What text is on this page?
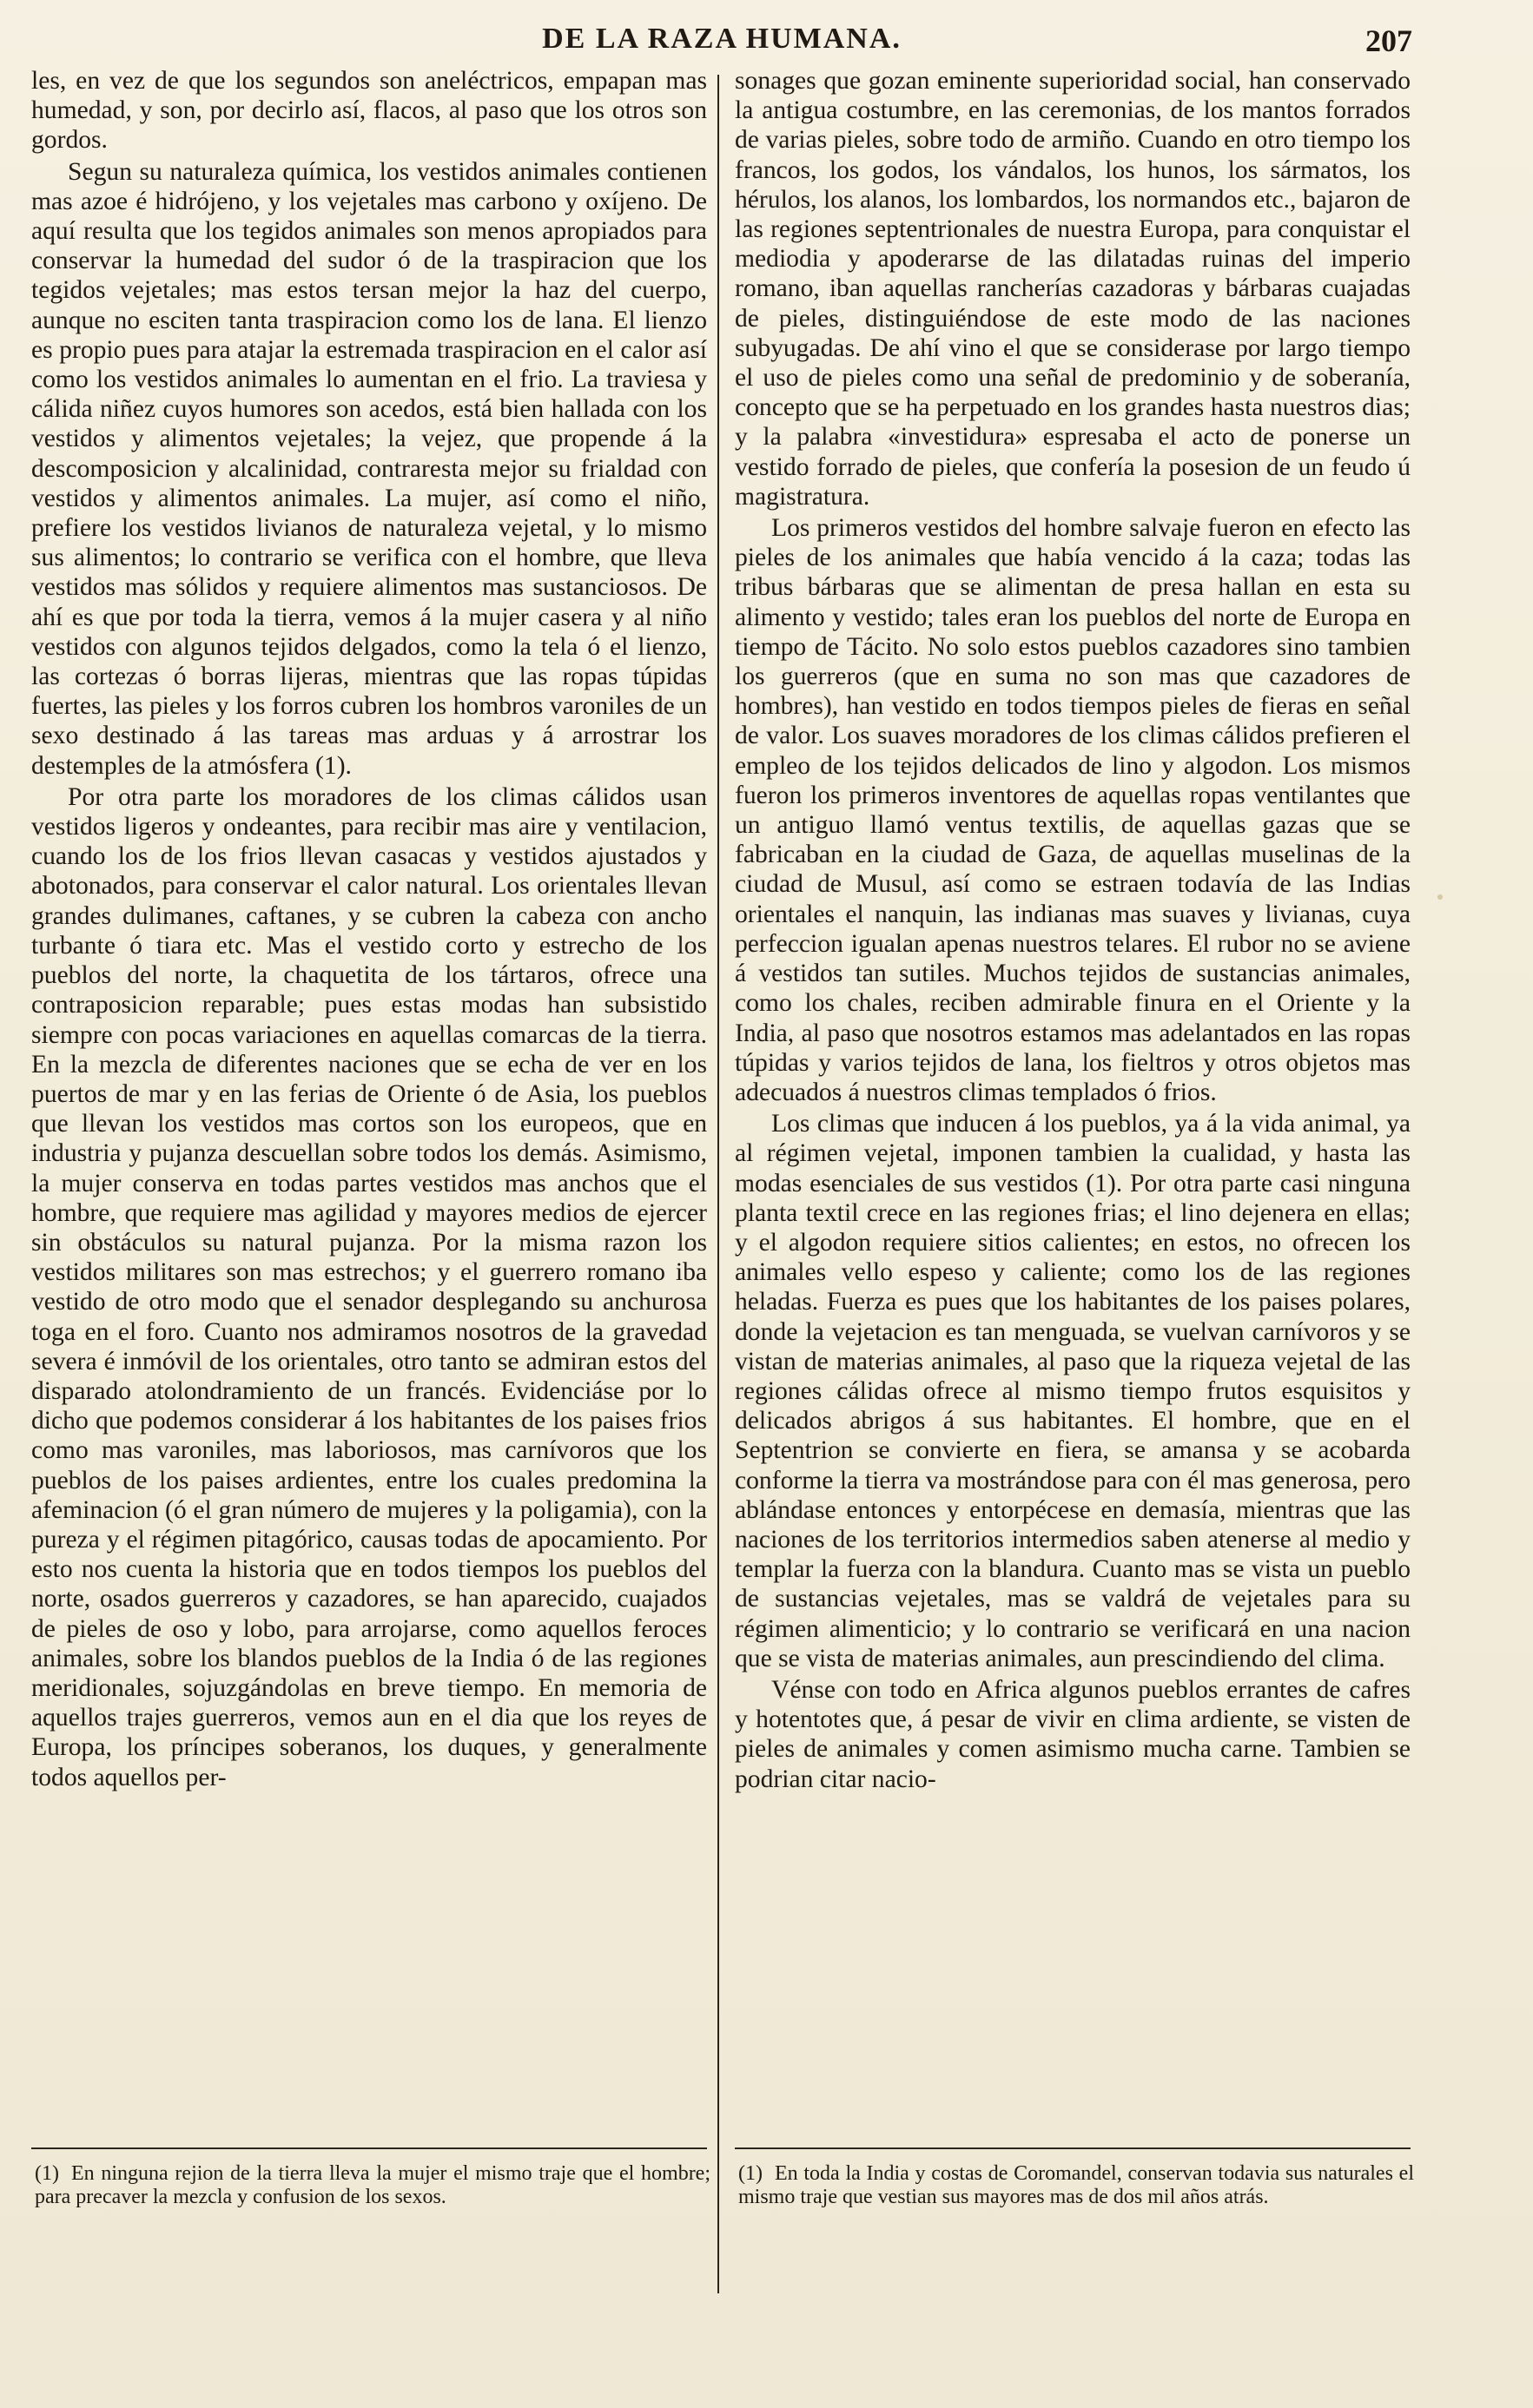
DE LA RAZA HUMANA.	207

les, en vez de que los segundos son aneléctricos, empapan mas humedad, y son, por decirlo así, flacos, al paso que los otros son gordos.

Segun su naturaleza química, los vestidos animales contienen mas azoe é hidrójeno, y los vejetales mas carbono y oxíjeno. De aquí resulta que los tegidos animales son menos apropiados para conservar la humedad del sudor ó de la traspiracion que los tegidos vejetales; mas estos tersan mejor la haz del cuerpo, aunque no esciten tanta traspiracion como los de lana. El lienzo es propio pues para atajar la estremada traspiracion en el calor así como los vestidos animales lo aumentan en el frio. La traviesa y cálida niñez cuyos humores son acedos, está bien hallada con los vestidos y alimentos vejetales; la vejez, que propende á la descomposicion y alcalinidad, contraresta mejor su frialdad con vestidos y alimentos animales. La mujer, así como el niño, prefiere los vestidos livianos de naturaleza vejetal, y lo mismo sus alimentos; lo contrario se verifica con el hombre, que lleva vestidos mas sólidos y requiere alimentos mas sustanciosos. De ahí es que por toda la tierra, vemos á la mujer casera y al niño vestidos con algunos tejidos delgados, como la tela ó el lienzo, las cortezas ó borras lijeras, mientras que las ropas túpidas fuertes, las pieles y los forros cubren los hombros varoniles de un sexo destinado á las tareas mas arduas y á arrostrar los destemples de la atmósfera (1).

Por otra parte los moradores de los climas cálidos usan vestidos ligeros y ondeantes, para recibir mas aire y ventilacion, cuando los de los frios llevan casacas y vestidos ajustados y abotonados, para conservar el calor natural. Los orientales llevan grandes dulimanes, caftanes, y se cubren la cabeza con ancho turbante ó tiara etc. Mas el vestido corto y estrecho de los pueblos del norte, la chaquetita de los tártaros, ofrece una contraposicion reparable; pues estas modas han subsistido siempre con pocas variaciones en aquellas comarcas de la tierra. En la mezcla de diferentes naciones que se echa de ver en los puertos de mar y en las ferias de Oriente ó de Asia, los pueblos que llevan los vestidos mas cortos son los europeos, que en industria y pujanza descuellan sobre todos los demás. Asimismo, la mujer conserva en todas partes vestidos mas anchos que el hombre, que requiere mas agilidad y mayores medios de ejercer sin obstáculos su natural pujanza. Por la misma razon los vestidos militares son mas estrechos; y el guerrero romano iba vestido de otro modo que el senador desplegando su anchurosa toga en el foro. Cuanto nos admiramos nosotros de la gravedad severa é inmóvil de los orientales, otro tanto se admiran estos del disparado atolondramiento de un francés. Evidenciáse por lo dicho que podemos considerar á los habitantes de los paises frios como mas varoniles, mas laboriosos, mas carnívoros que los pueblos de los paises ardientes, entre los cuales predomina la afeminacion (ó el gran número de mujeres y la poligamia), con la pureza y el régimen pitagórico, causas todas de apocamiento. Por esto nos cuenta la historia que en todos tiempos los pueblos del norte, osados guerreros y cazadores, se han aparecido, cuajados de pieles de oso y lobo, para arrojarse, como aquellos feroces animales, sobre los blandos pueblos de la India ó de las regiones meridionales, sojuzgándolas en breve tiempo. En memoria de aquellos trajes guerreros, vemos aun en el dia que los reyes de Europa, los príncipes soberanos, los duques, y generalmente todos aquellos per-

sonages que gozan eminente superioridad social, han conservado la antigua costumbre, en las ceremonias, de los mantos forrados de varias pieles, sobre todo de armiño. Cuando en otro tiempo los francos, los godos, los vándalos, los hunos, los sármatos, los hérulos, los alanos, los lombardos, los normandos etc., bajaron de las regiones septentrionales de nuestra Europa, para conquistar el mediodia y apoderarse de las dilatadas ruinas del imperio romano, iban aquellas rancherías cazadoras y bárbaras cuajadas de pieles, distinguiéndose de este modo de las naciones subyugadas. De ahí vino el que se considerase por largo tiempo el uso de pieles como una señal de predominio y de soberanía, concepto que se ha perpetuado en los grandes hasta nuestros dias; y la palabra «investidura» espresaba el acto de ponerse un vestido forrado de pieles, que confería la posesion de un feudo ú magistratura.

Los primeros vestidos del hombre salvaje fueron en efecto las pieles de los animales que había vencido á la caza; todas las tribus bárbaras que se alimentan de presa hallan en esta su alimento y vestido; tales eran los pueblos del norte de Europa en tiempo de Tácito. No solo estos pueblos cazadores sino tambien los guerreros (que en suma no son mas que cazadores de hombres), han vestido en todos tiempos pieles de fieras en señal de valor. Los suaves moradores de los climas cálidos prefieren el empleo de los tejidos delicados de lino y algodon. Los mismos fueron los primeros inventores de aquellas ropas ventilantes que un antiguo llamó ventus textilis, de aquellas gazas que se fabricaban en la ciudad de Gaza, de aquellas muselinas de la ciudad de Musul, así como se estraen todavía de las Indias orientales el nanquin, las indianas mas suaves y livianas, cuya perfeccion igualan apenas nuestros telares. El rubor no se aviene á vestidos tan sutiles. Muchos tejidos de sustancias animales, como los chales, reciben admirable finura en el Oriente y la India, al paso que nosotros estamos mas adelantados en las ropas túpidas y varios tejidos de lana, los fieltros y otros objetos mas adecuados á nuestros climas templados ó frios.

Los climas que inducen á los pueblos, ya á la vida animal, ya al régimen vejetal, imponen tambien la cualidad, y hasta las modas esenciales de sus vestidos (1). Por otra parte casi ninguna planta textil crece en las regiones frias; el lino dejenera en ellas; y el algodon requiere sitios calientes; en estos, no ofrecen los animales vello espeso y caliente; como los de las regiones heladas. Fuerza es pues que los habitantes de los paises polares, donde la vejetacion es tan menguada, se vuelvan carnívoros y se vistan de materias animales, al paso que la riqueza vejetal de las regiones cálidas ofrece al mismo tiempo frutos esquisitos y delicados abrigos á sus habitantes. El hombre, que en el Septentrion se convierte en fiera, se amansa y se acobarda conforme la tierra va mostrándose para con él mas generosa, pero ablándase entonces y entorpécese en demasía, mientras que las naciones de los territorios intermedios saben atenerse al medio y templar la fuerza con la blandura. Cuanto mas se vista un pueblo de sustancias vejetales, mas se valdrá de vejetales para su régimen alimenticio; y lo contrario se verificará en una nacion que se vista de materias animales, aun prescindiendo del clima.

Vénse con todo en Africa algunos pueblos errantes de cafres y hotentotes que, á pesar de vivir en clima ardiente, se visten de pieles de animales y comen asimismo mucha carne. Tambien se podrian citar nacio-

(1) En ninguna rejion de la tierra lleva la mujer el mismo traje que el hombre; para precaver la mezcla y confusion de los sexos.
(1) En toda la India y costas de Coromandel, conservan todavia sus naturales el mismo traje que vestian sus mayores mas de dos mil años atrás.
